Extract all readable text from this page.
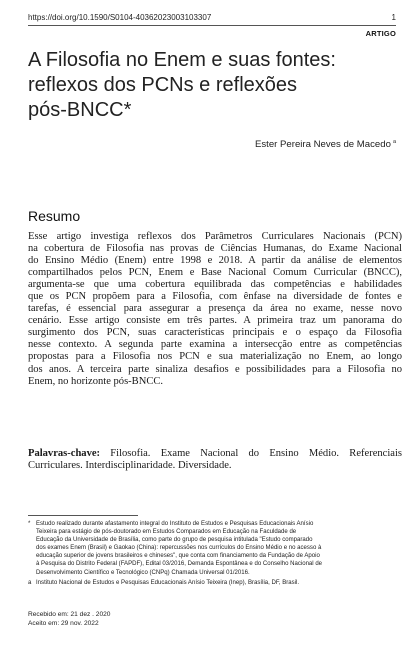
https://doi.org/10.1590/S0104-40362023003103307	1
ARTIGO
A Filosofia no Enem e suas fontes:
reflexos dos PCNs e reflexões
pós-BNCC*
Ester Pereira Neves de Macedo $^a$
Resumo
Esse artigo investiga reflexos dos Parâmetros Curriculares Nacionais (PCN)
na cobertura de Filosofia nas provas de Ciências Humanas, do Exame Nacional
do Ensino Médio (Enem) entre 1998 e 2018. A partir da análise de elementos
compartilhados pelos PCN, Enem e Base Nacional Comum Curricular (BNCC),
argumenta-se que uma cobertura equilibrada das competências e habilidades
que os PCN propõem para a Filosofia, com ênfase na diversidade de fontes e
tarefas, é essencial para assegurar a presença da área no exame, nesse novo
cenário. Esse artigo consiste em três partes. A primeira traz um panorama do
surgimento dos PCN, suas características principais e o espaço da Filosofia
nesse contexto. A segunda parte examina a intersecção entre as competências
propostas para a Filosofia nos PCN e sua materialização no Enem, ao longo
dos anos. A terceira parte sinaliza desafios e possibilidades para a Filosofia no
Enem, no horizonte pós-BNCC.
Palavras-chave: Filosofia. Exame Nacional do Ensino Médio. Referenciais
Curriculares. Interdisciplinaridade. Diversidade.
* Estudo realizado durante afastamento integral do Instituto de Estudos e Pesquisas Educacionais Anísio
Teixeira para estágio de pós-doutorado em Estudos Comparados em Educação na Faculdade de
Educação da Universidade de Brasília, como parte do grupo de pesquisa intitulada "Estudo comparado
dos exames Enem (Brasil) e Gaokao (China): repercussões nos currículos do Ensino Médio e no acesso à
educação superior de jovens brasileiros e chineses", que conta com financiamento da Fundação de Apoio
à Pesquisa do Distrito Federal (FAPDF), Edital 03/2016, Demanda Espontânea e do Conselho Nacional de
Desenvolvimento Científico e Tecnológico (CNPq) Chamada Universal 01/2016.
a Instituto Nacional de Estudos e Pesquisas Educacionais Anísio Teixeira (Inep), Brasília, DF, Brasil.
Recebido em: 21 dez . 2020
Aceito em: 29 nov. 2022
